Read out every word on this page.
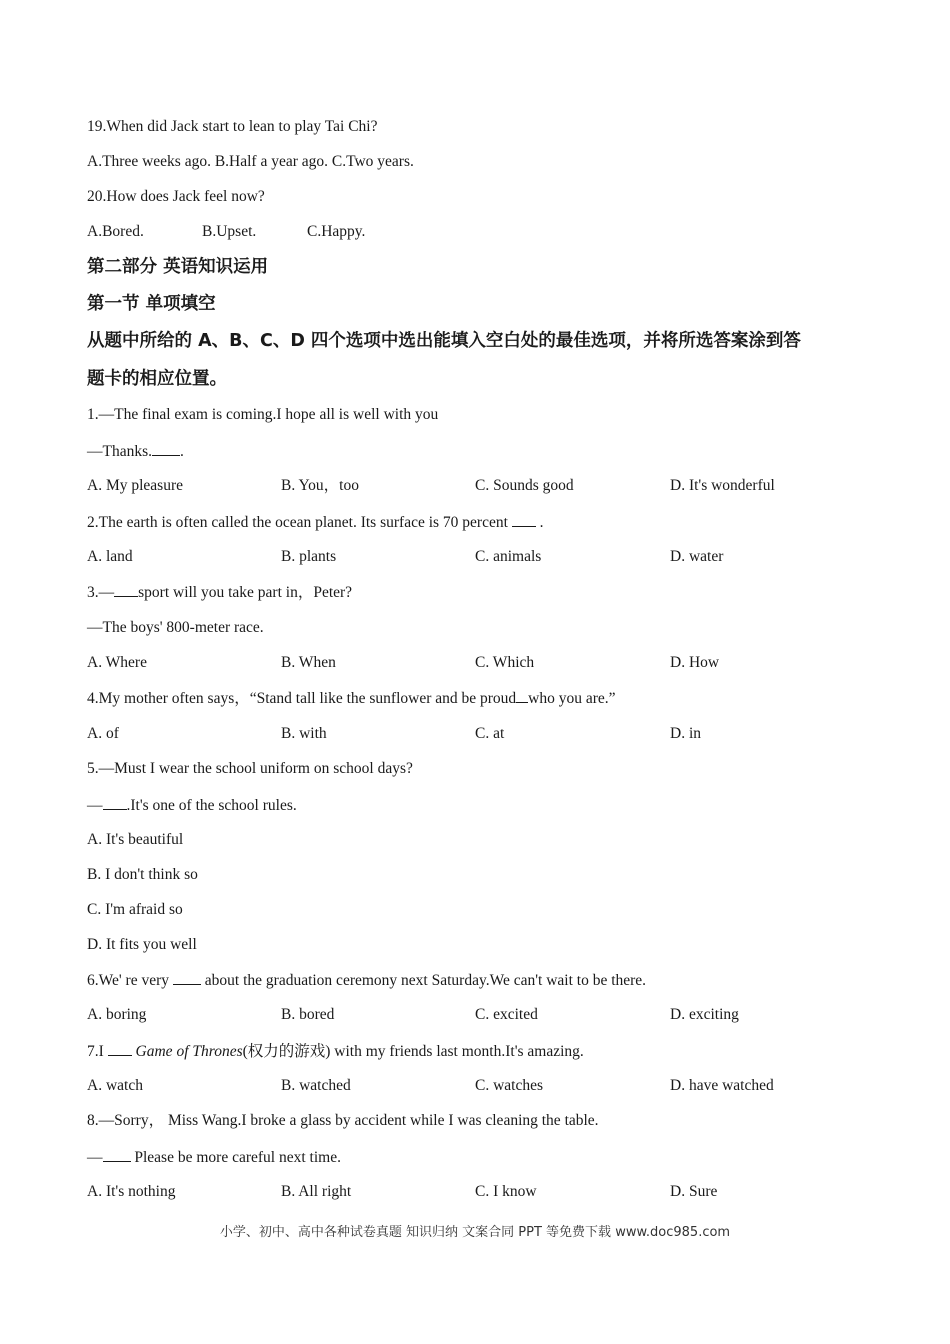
19.When did Jack start to lean to play Tai Chi?
A.Three weeks ago. B.Half a year ago. C.Two years.
20.How does Jack feel now?
A.Bored.	B.Upset.	C.Happy.
第二部分 英语知识运用
第一节 单项填空
从题中所给的 A、B、C、D 四个选项中选出能填入空白处的最佳选项，并将所选答案涂到答
题卡的相应位置。
1.—The final exam is coming.I hope all is well with you
—Thanks. .
A. My pleasure	B. You，too	C. Sounds good	D. It's wonderful
2.The earth is often called the ocean planet. Its surface is 70 percent  .
A. land	B. plants	C. animals	D. water
3.— sport will you take part in，Peter?
—The boys' 800-meter race.
A. Where	B. When	C. Which	D. How
4.My mother often says，“Stand tall like the sunflower and be proud who you are.”
A. of	B. with	C. at	D. in
5.—Must I wear the school uniform on school days?
— .It's one of the school rules.
A. It's beautiful
B. I don't think so
C. I'm afraid so
D. It fits you well
6.We' re very  about the graduation ceremony next Saturday.We can't wait to be there.
A. boring	B. bored	C. excited	D. exciting
7.I  Game of Thrones(权力的游戏) with my friends last month.It's amazing.
A. watch	B. watched	C. watches	D. have watched
8.—Sorry， Miss Wang.I broke a glass by accident while I was cleaning the table.
— Please be more careful next time.
A. It's nothing	B. All right	C. I know	D. Sure
小学、初中、高中各种试卷真题 知识归纳 文案合同 PPT 等免费下载 www.doc985.com
